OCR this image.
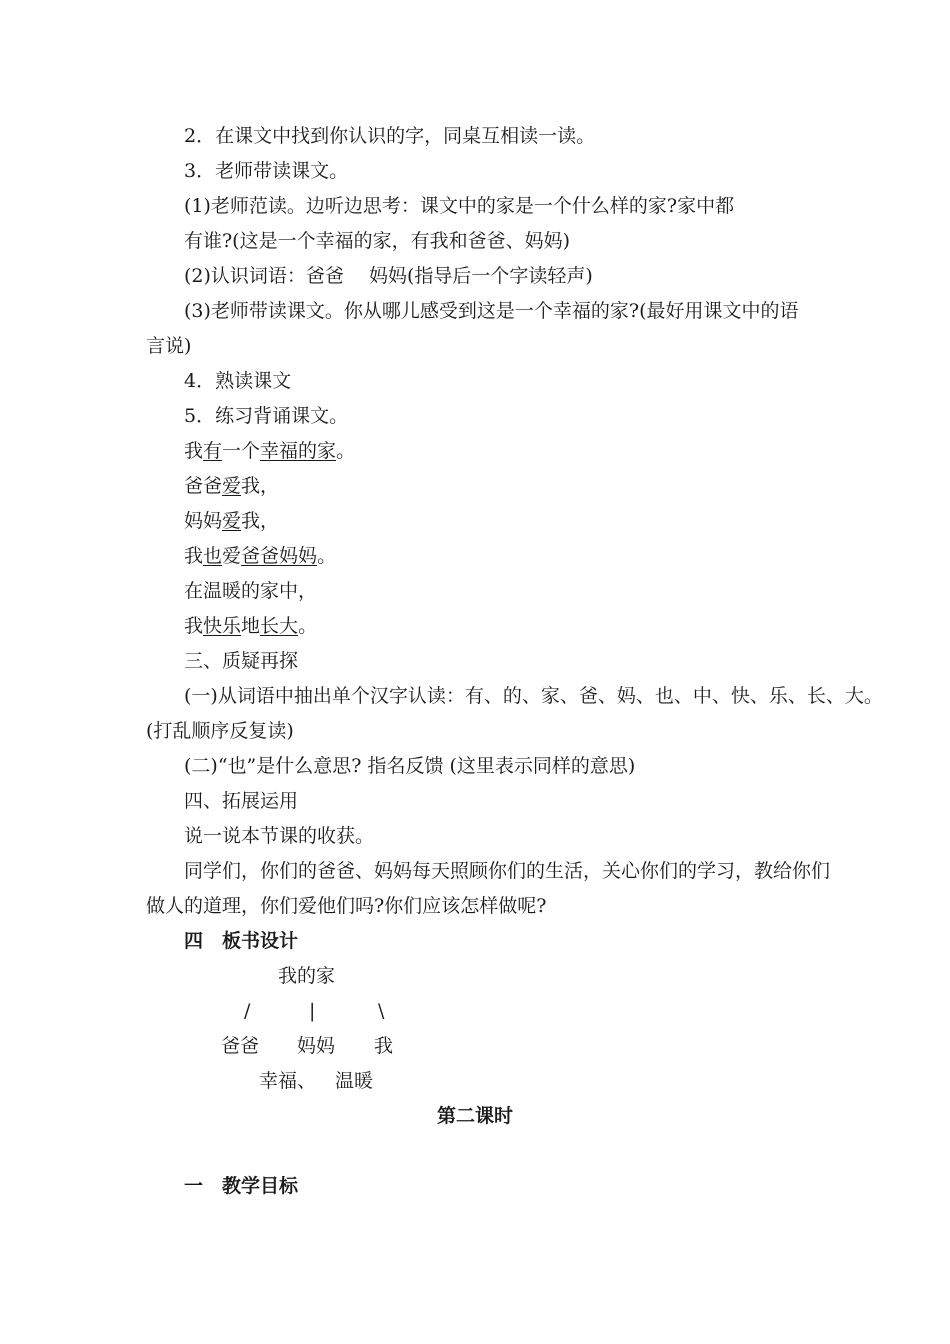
2．在课文中找到你认识的字，同桌互相读一读。
3．老师带读课文。
(1)老师范读。边听边思考：课文中的家是一个什么样的家?家中都
有谁?(这是一个幸福的家，有我和爸爸、妈妈)
(2)认识词语：爸爸　 妈妈(指导后一个字读轻声)
(3)老师带读课文。你从哪儿感受到这是一个幸福的家?(最好用课文中的语
言说)
4．熟读课文
5．练习背诵课文。
我有一个幸福的家。
爸爸爱我，
妈妈爱我，
我也爱爸爸妈妈。
在温暖的家中，
我快乐地长大。
三、质疑再探
(一)从词语中抽出单个汉字认读：有、的、家、爸、妈、也、中、快、乐、长、大。
(打乱顺序反复读)
(二)“也”是什么意思? 指名反馈 (这里表示同样的意思)
四、拓展运用
说一说本节课的收获。
同学们，你们的爸爸、妈妈每天照顾你们的生活，关心你们的学习，教给你们
做人的道理，你们爱他们吗?你们应该怎样做呢?
四　板书设计
我的家
/	|	\
爸爸 妈妈 我
幸福、 温暖
第二课时
一　教学目标
